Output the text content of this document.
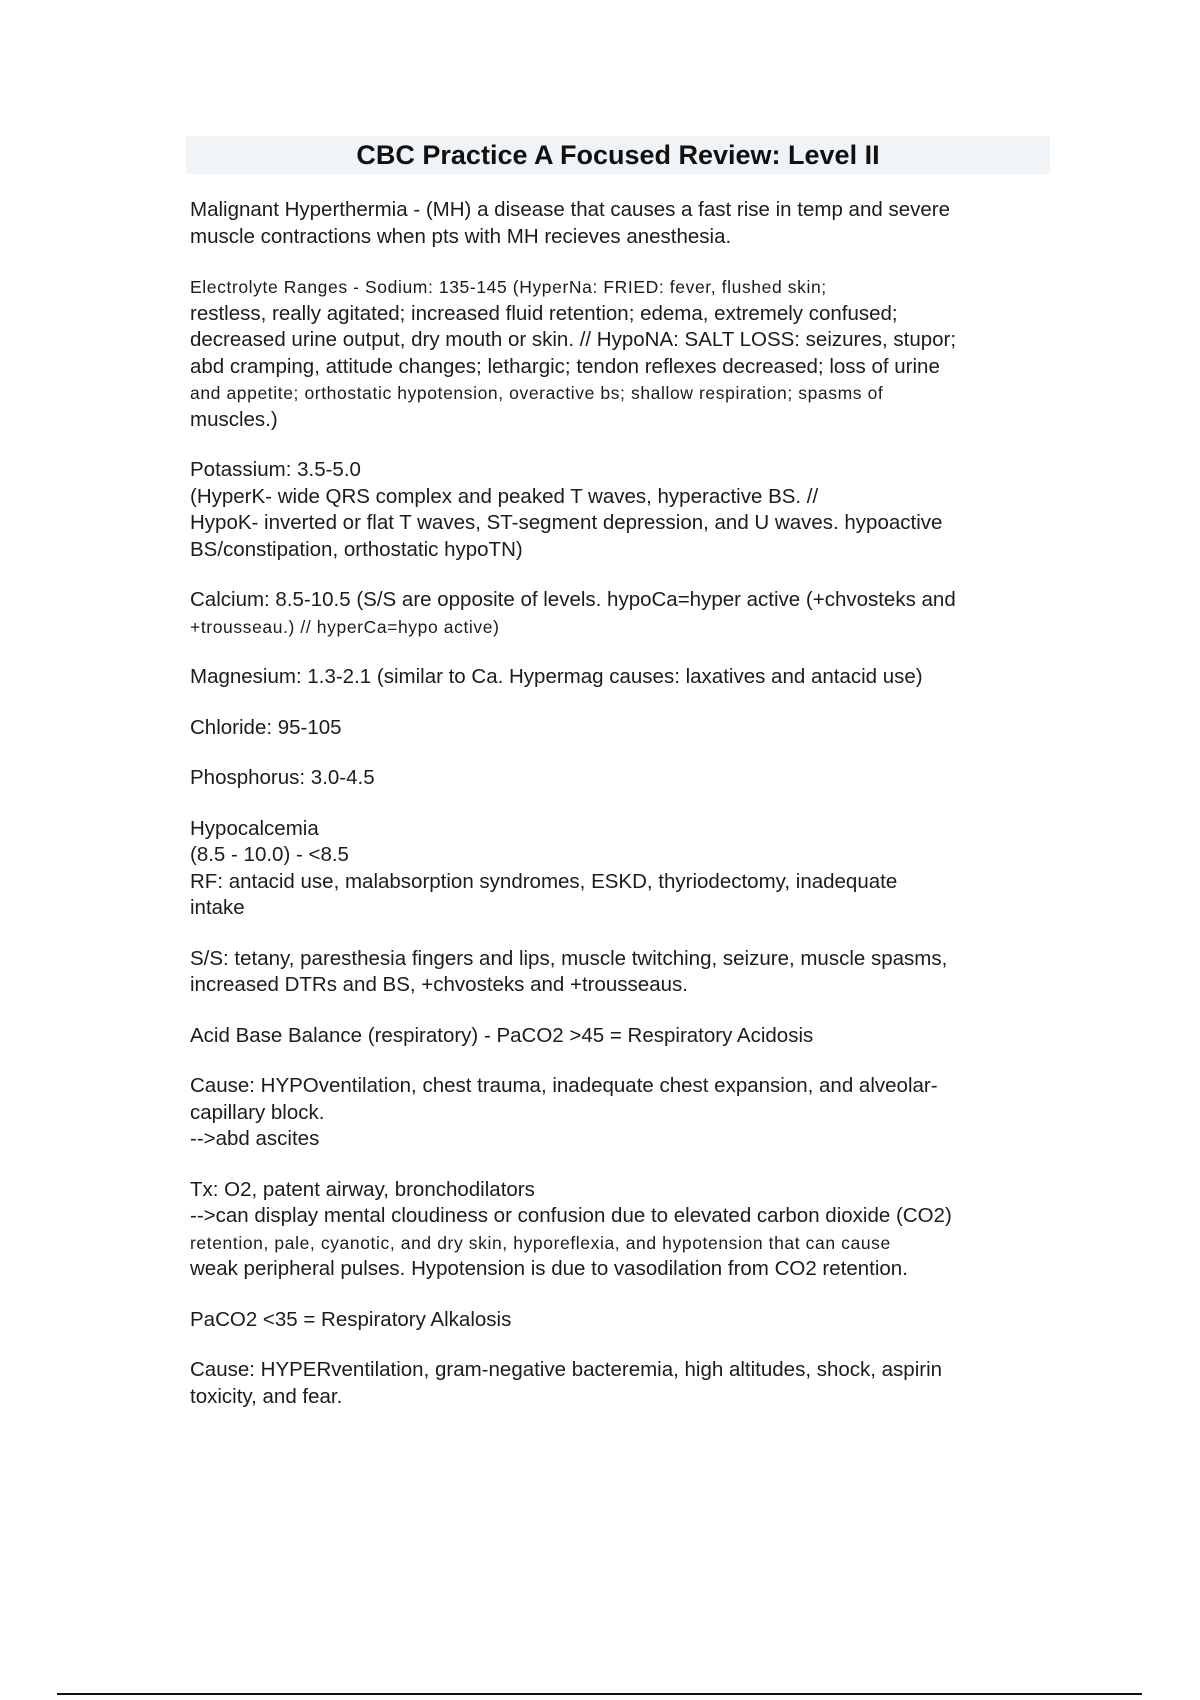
CBC Practice A Focused Review: Level II

Malignant Hyperthermia - (MH) a disease that causes a fast rise in temp and severe
muscle contractions when pts with MH recieves anesthesia.

Electrolyte Ranges - Sodium: 135-145 (HyperNa: FRIED: fever, flushed skin;
restless, really agitated; increased fluid retention; edema, extremely confused;
decreased urine output, dry mouth or skin. // HypoNA: SALT LOSS: seizures, stupor;
abd cramping, attitude changes; lethargic; tendon reflexes decreased; loss of urine
and appetite; orthostatic hypotension, overactive bs; shallow respiration; spasms of
muscles.)

Potassium: 3.5-5.0
(HyperK- wide QRS complex and peaked T waves, hyperactive BS. //
HypoK- inverted or flat T waves, ST-segment depression, and U waves. hypoactive
BS/constipation, orthostatic hypoTN)

Calcium: 8.5-10.5 (S/S are opposite of levels. hypoCa=hyper active (+chvosteks and
+trousseau.) // hyperCa=hypo active)

Magnesium: 1.3-2.1 (similar to Ca. Hypermag causes: laxatives and antacid use)

Chloride: 95-105

Phosphorus: 3.0-4.5

Hypocalcemia
(8.5 - 10.0) - <8.5
RF: antacid use, malabsorption syndromes, ESKD, thyriodectomy, inadequate
intake

S/S: tetany, paresthesia fingers and lips, muscle twitching, seizure, muscle spasms,
increased DTRs and BS, +chvosteks and +trousseaus.

Acid Base Balance (respiratory) - PaCO2 >45 = Respiratory Acidosis

Cause: HYPOventilation, chest trauma, inadequate chest expansion, and alveolar-
capillary block.
-->abd ascites

Tx: O2, patent airway, bronchodilators
-->can display mental cloudiness or confusion due to elevated carbon dioxide (CO2)
retention, pale, cyanotic, and dry skin, hyporeflexia, and hypotension that can cause
weak peripheral pulses. Hypotension is due to vasodilation from CO2 retention.

PaCO2 <35 = Respiratory Alkalosis

Cause: HYPERventilation, gram-negative bacteremia, high altitudes, shock, aspirin
toxicity, and fear.
